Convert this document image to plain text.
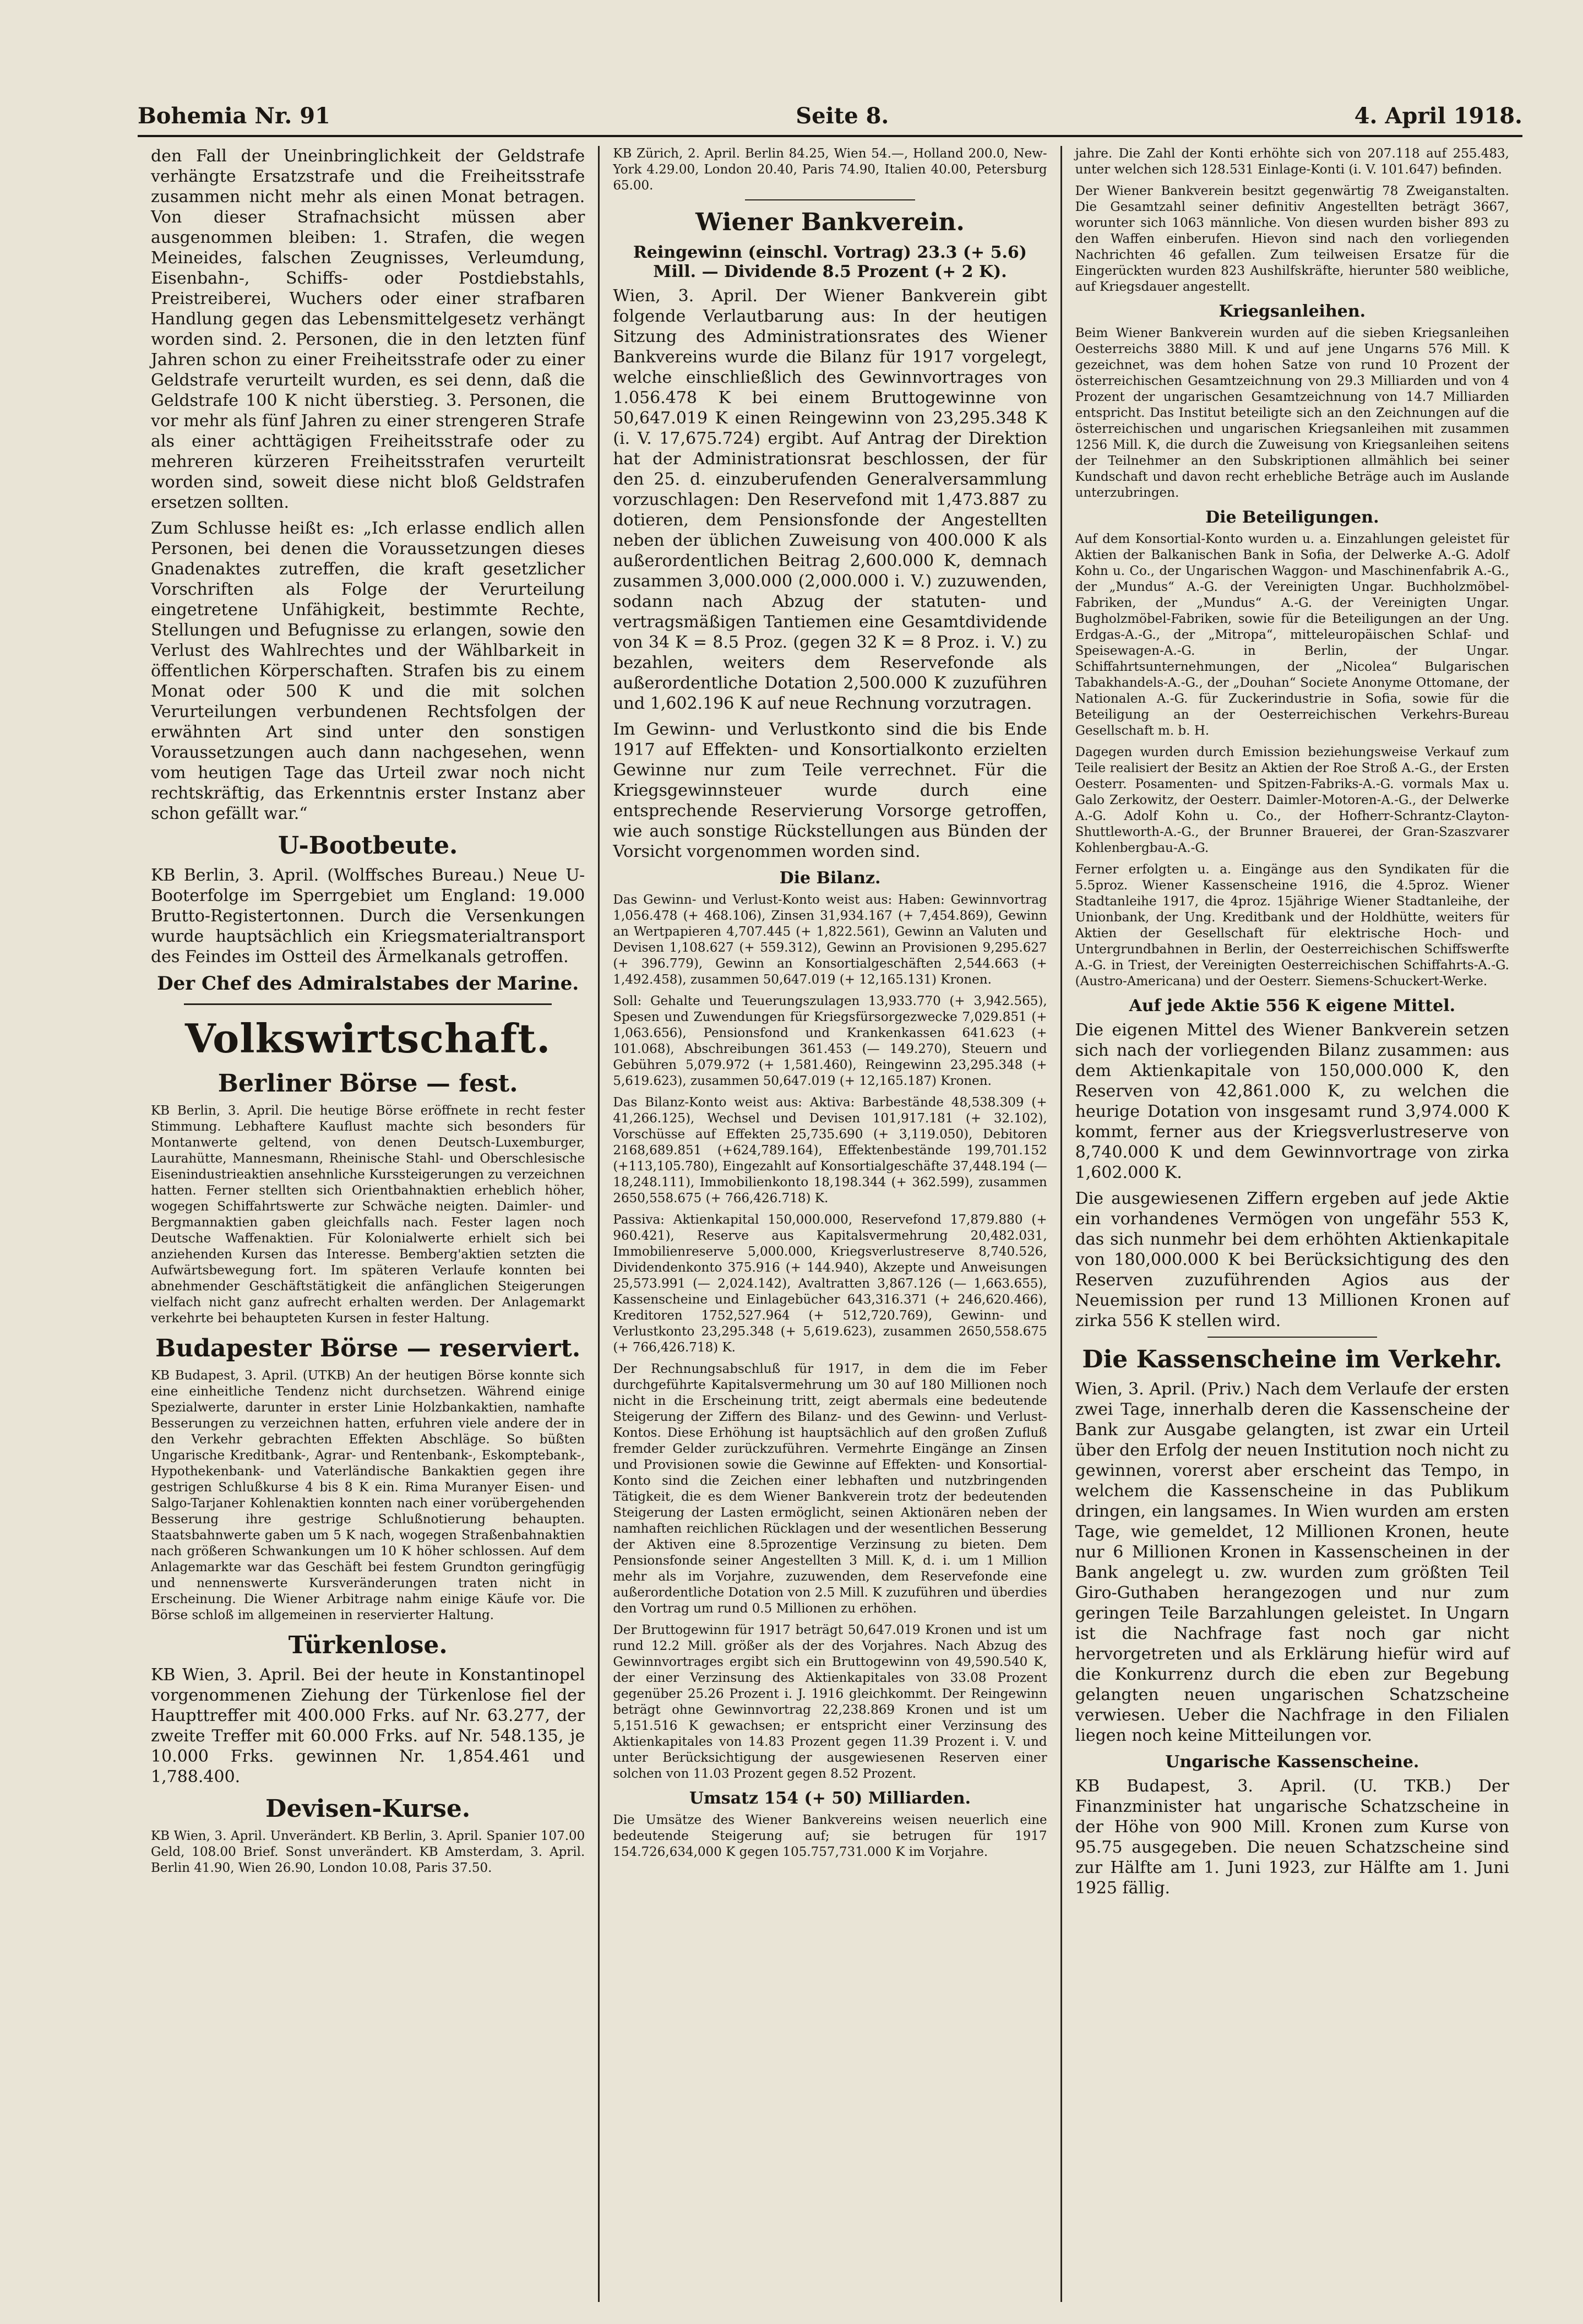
Bohemia Nr. 91	Seite 8.	4. April 1918.

den Fall der Uneinbringlichkeit der Geldstrafe verhängte Ersatzstrafe und die Freiheitsstrafe zusammen nicht mehr als einen Monat betragen. Von dieser Strafnachsicht müssen aber ausgenommen bleiben: 1. Strafen, die wegen Meineides, falschen Zeugnisses, Verleumdung, Eisenbahn-, Schiffs- oder Postdiebstahls, Preistreiberei, Wuchers oder einer strafbaren Handlung gegen das Lebensmittelgesetz verhängt worden sind. 2. Personen, die in den letzten fünf Jahren schon zu einer Freiheitsstrafe oder zu einer Geldstrafe verurteilt wurden, es sei denn, daß die Geldstrafe 100 K nicht überstieg. 3. Personen, die vor mehr als fünf Jahren zu einer strengeren Strafe als einer achttägigen Freiheitsstrafe oder zu mehreren kürzeren Freiheitsstrafen verurteilt worden sind, soweit diese nicht bloß Geldstrafen ersetzen sollten.

Zum Schlusse heißt es: „Ich erlasse endlich allen Personen, bei denen die Voraussetzungen dieses Gnadenaktes zutreffen, die kraft gesetzlicher Vorschriften als Folge der Verurteilung eingetretene Unfähigkeit, bestimmte Rechte, Stellungen und Befugnisse zu erlangen, sowie den Verlust des Wahlrechtes und der Wählbarkeit in öffentlichen Körperschaften. Strafen bis zu einem Monat oder 500 K und die mit solchen Verurteilungen verbundenen Rechtsfolgen der erwähnten Art sind unter den sonstigen Voraussetzungen auch dann nachgesehen, wenn vom heutigen Tage das Urteil zwar noch nicht rechtskräftig, das Erkenntnis erster Instanz aber schon gefällt war.“

U-Bootbeute.

KB Berlin, 3. April. (Wolffsches Bureau.) Neue U-Booterfolge im Sperrgebiet um England: 19.000 Brutto-Registertonnen. Durch die Versenkungen wurde hauptsächlich ein Kriegsmaterialtransport des Feindes im Ostteil des Ärmelkanals getroffen.

Der Chef des Admiralstabes der Marine.
Volkswirtschaft.
Berliner Börse — fest.

KB Berlin, 3. April. Die heutige Börse eröffnete in recht fester Stimmung. Lebhaftere Kauflust machte sich besonders für Montanwerte geltend, von denen Deutsch-Luxemburger, Laurahütte, Mannesmann, Rheinische Stahl- und Oberschlesische Eisenindustrieaktien ansehnliche Kurssteigerungen zu verzeichnen hatten. Ferner stellten sich Orientbahnaktien erheblich höher, wogegen Schiffahrtswerte zur Schwäche neigten. Daimler- und Bergmannaktien gaben gleichfalls nach. Fester lagen noch Deutsche Waffenaktien. Für Kolonialwerte erhielt sich bei anziehenden Kursen das Interesse. Bemberg'aktien setzten die Aufwärtsbewegung fort. Im späteren Verlaufe konnten bei abnehmender Geschäftstätigkeit die anfänglichen Steigerungen vielfach nicht ganz aufrecht erhalten werden. Der Anlagemarkt verkehrte bei behaupteten Kursen in fester Haltung.

Budapester Börse — reserviert.

KB Budapest, 3. April. (UTKB) An der heutigen Börse konnte sich eine einheitliche Tendenz nicht durchsetzen. Während einige Spezialwerte, darunter in erster Linie Holzbankaktien, namhafte Besserungen zu verzeichnen hatten, erfuhren viele andere der in den Verkehr gebrachten Effekten Abschläge. So büßten Ungarische Kreditbank-, Agrar- und Rentenbank-, Eskomptebank-, Hypothekenbank- und Vaterländische Bankaktien gegen ihre gestrigen Schlußkurse 4 bis 8 K ein. Rima Muranyer Eisen- und Salgo-Tarjaner Kohlenaktien konnten nach einer vorübergehenden Besserung ihre gestrige Schlußnotierung behaupten. Staatsbahnwerte gaben um 5 K nach, wogegen Straßenbahnaktien nach größeren Schwankungen um 10 K höher schlossen. Auf dem Anlagemarkte war das Geschäft bei festem Grundton geringfügig und nennenswerte Kursveränderungen traten nicht in Erscheinung. Die Wiener Arbitrage nahm einige Käufe vor. Die Börse schloß im allgemeinen in reservierter Haltung.

Türkenlose.

KB Wien, 3. April. Bei der heute in Konstantinopel vorgenommenen Ziehung der Türkenlose fiel der Haupttreffer mit 400.000 Frks. auf Nr. 63.277, der zweite Treffer mit 60.000 Frks. auf Nr. 548.135, je 10.000 Frks. gewinnen Nr. 1,854.461 und 1,788.400.

Devisen-Kurse.

KB Wien, 3. April. Unverändert. KB Berlin, 3. April. Spanier 107.00 Geld, 108.00 Brief. Sonst unverändert. KB Amsterdam, 3. April. Berlin 41.90, Wien 26.90, London 10.08, Paris 37.50.

KB Zürich, 2. April. Berlin 84.25, Wien 54.—, Holland 200.0, New-York 4.29.00, London 20.40, Paris 74.90, Italien 40.00, Petersburg 65.00.

Wiener Bankverein.
Reingewinn (einschl. Vortrag) 23.3 (+ 5.6) Mill. — Dividende 8.5 Prozent (+ 2 K).

Wien, 3. April. Der Wiener Bankverein gibt folgende Verlautbarung aus: In der heutigen Sitzung des Administrationsrates des Wiener Bankvereins wurde die Bilanz für 1917 vorgelegt, welche einschließlich des Gewinnvortrages von 1.056.478 K bei einem Bruttogewinne von 50,647.019 K einen Reingewinn von 23,295.348 K (i. V. 17,675.724) ergibt. Auf Antrag der Direktion hat der Administrationsrat beschlossen, der für den 25. d. einzuberufenden Generalversammlung vorzuschlagen: Den Reservefond mit 1,473.887 zu dotieren, dem Pensionsfonde der Angestellten neben der üblichen Zuweisung von 400.000 K als außerordentlichen Beitrag 2,600.000 K, demnach zusammen 3,000.000 (2,000.000 i. V.) zuzuwenden, sodann nach Abzug der statuten- und vertragsmäßigen Tantiemen eine Gesamtdividende von 34 K = 8.5 Proz. (gegen 32 K = 8 Proz. i. V.) zu bezahlen, weiters dem Reservefonde als außerordentliche Dotation 2,500.000 K zuzuführen und 1,602.196 K auf neue Rechnung vorzutragen.

Im Gewinn- und Verlustkonto sind die bis Ende 1917 auf Effekten- und Konsortialkonto erzielten Gewinne nur zum Teile verrechnet. Für die Kriegsgewinnsteuer wurde durch eine entsprechende Reservierung Vorsorge getroffen, wie auch sonstige Rückstellungen aus Bünden der Vorsicht vorgenommen worden sind.

Die Bilanz.

Das Gewinn- und Verlust-Konto weist aus: Haben: Gewinnvortrag 1,056.478 (+ 468.106), Zinsen 31,934.167 (+ 7,454.869), Gewinn an Wertpapieren 4,707.445 (+ 1,822.561), Gewinn an Valuten und Devisen 1,108.627 (+ 559.312), Gewinn an Provisionen 9,295.627 (+ 396.779), Gewinn an Konsortialgeschäften 2,544.663 (+ 1,492.458), zusammen 50,647.019 (+ 12,165.131) Kronen.

Soll: Gehalte und Teuerungszulagen 13,933.770 (+ 3,942.565), Spesen und Zuwendungen für Kriegsfürsorgezwecke 7,029.851 (+ 1,063.656), Pensionsfond und Krankenkassen 641.623 (+ 101.068), Abschreibungen 361.453 (— 149.270), Steuern und Gebühren 5,079.972 (+ 1,581.460), Reingewinn 23,295.348 (+ 5,619.623), zusammen 50,647.019 (+ 12,165.187) Kronen.

Das Bilanz-Konto weist aus: Aktiva: Barbestände 48,538.309 (+ 41,266.125), Wechsel und Devisen 101,917.181 (+ 32.102), Vorschüsse auf Effekten 25,735.690 (+ 3,119.050), Debitoren 2168,689.851 (+624,789.164), Effektenbestände 199,701.152 (+113,105.780), Eingezahlt auf Konsortialgeschäfte 37,448.194 (— 18,248.111), Immobilienkonto 18,198.344 (+ 362.599), zusammen 2650,558.675 (+ 766,426.718) K.

Passiva: Aktienkapital 150,000.000, Reservefond 17,879.880 (+ 960.421), Reserve aus Kapitalsvermehrung 20,482.031, Immobilienreserve 5,000.000, Kriegsverlustreserve 8,740.526, Dividendenkonto 375.916 (+ 144.940), Akzepte und Anweisungen 25,573.991 (— 2,024.142), Avaltratten 3,867.126 (— 1,663.655), Kassenscheine und Einlagebücher 643,316.371 (+ 246,620.466), Kreditoren 1752,527.964 (+ 512,720.769), Gewinn- und Verlustkonto 23,295.348 (+ 5,619.623), zusammen 2650,558.675 (+ 766,426.718) K.

Der Rechnungsabschluß für 1917, in dem die im Feber durchgeführte Kapitalsvermehrung um 30 auf 180 Millionen noch nicht in die Erscheinung tritt, zeigt abermals eine bedeutende Steigerung der Ziffern des Bilanz- und des Gewinn- und Verlust-Kontos. Diese Erhöhung ist hauptsächlich auf den großen Zufluß fremder Gelder zurückzuführen. Vermehrte Eingänge an Zinsen und Provisionen sowie die Gewinne auf Effekten- und Konsortial-Konto sind die Zeichen einer lebhaften und nutzbringenden Tätigkeit, die es dem Wiener Bankverein trotz der bedeutenden Steigerung der Lasten ermöglicht, seinen Aktionären neben der namhaften reichlichen Rücklagen und der wesentlichen Besserung der Aktiven eine 8.5prozentige Verzinsung zu bieten. Dem Pensionsfonde seiner Angestellten 3 Mill. K, d. i. um 1 Million mehr als im Vorjahre, zuzuwenden, dem Reservefonde eine außerordentliche Dotation von 2.5 Mill. K zuzuführen und überdies den Vortrag um rund 0.5 Millionen zu erhöhen.

Der Bruttogewinn für 1917 beträgt 50,647.019 Kronen und ist um rund 12.2 Mill. größer als der des Vorjahres. Nach Abzug des Gewinnvortrages ergibt sich ein Bruttogewinn von 49,590.540 K, der einer Verzinsung des Aktienkapitales von 33.08 Prozent gegenüber 25.26 Prozent i. J. 1916 gleichkommt. Der Reingewinn beträgt ohne Gewinnvortrag 22,238.869 Kronen und ist um 5,151.516 K gewachsen; er entspricht einer Verzinsung des Aktienkapitales von 14.83 Prozent gegen 11.39 Prozent i. V. und unter Berücksichtigung der ausgewiesenen Reserven einer solchen von 11.03 Prozent gegen 8.52 Prozent.

Umsatz 154 (+ 50) Milliarden.

Die Umsätze des Wiener Bankvereins weisen neuerlich eine bedeutende Steigerung auf; sie betrugen für 1917 154.726,634,000 K gegen 105.757,731.000 K im Vorjahre.

jahre. Die Zahl der Konti erhöhte sich von 207.118 auf 255.483, unter welchen sich 128.531 Einlage-Konti (i. V. 101.647) befinden.

Der Wiener Bankverein besitzt gegenwärtig 78 Zweiganstalten. Die Gesamtzahl seiner definitiv Angestellten beträgt 3667, worunter sich 1063 männliche. Von diesen wurden bisher 893 zu den Waffen einberufen. Hievon sind nach den vorliegenden Nachrichten 46 gefallen. Zum teilweisen Ersatze für die Eingerückten wurden 823 Aushilfskräfte, hierunter 580 weibliche, auf Kriegsdauer angestellt.

Kriegsanleihen.

Beim Wiener Bankverein wurden auf die sieben Kriegsanleihen Oesterreichs 3880 Mill. K und auf jene Ungarns 576 Mill. K gezeichnet, was dem hohen Satze von rund 10 Prozent der österreichischen Gesamtzeichnung von 29.3 Milliarden und von 4 Prozent der ungarischen Gesamtzeichnung von 14.7 Milliarden entspricht. Das Institut beteiligte sich an den Zeichnungen auf die österreichischen und ungarischen Kriegsanleihen mit zusammen 1256 Mill. K, die durch die Zuweisung von Kriegsanleihen seitens der Teilnehmer an den Subskriptionen allmählich bei seiner Kundschaft und davon recht erhebliche Beträge auch im Auslande unterzubringen.

Die Beteiligungen.

Auf dem Konsortial-Konto wurden u. a. Einzahlungen geleistet für Aktien der Balkanischen Bank in Sofia, der Delwerke A.-G. Adolf Kohn u. Co., der Ungarischen Waggon- und Maschinenfabrik A.-G., der „Mundus“ A.-G. der Vereinigten Ungar. Buchholzmöbel-Fabriken, der „Mundus“ A.-G. der Vereinigten Ungar. Bugholzmöbel-Fabriken, sowie für die Beteiligungen an der Ung. Erdgas-A.-G., der „Mitropa“, mitteleuropäischen Schlaf- und Speisewagen-A.-G. in Berlin, der Ungar. Schiffahrtsunternehmungen, der „Nicolea“ Bulgarischen Tabakhandels-A.-G., der „Douhan“ Societe Anonyme Ottomane, der Nationalen A.-G. für Zuckerindustrie in Sofia, sowie für die Beteiligung an der Oesterreichischen Verkehrs-Bureau Gesellschaft m. b. H.

Dagegen wurden durch Emission beziehungsweise Verkauf zum Teile realisiert der Besitz an Aktien der Roe Stroß A.-G., der Ersten Oesterr. Posamenten- und Spitzen-Fabriks-A.-G. vormals Max u. Galo Zerkowitz, der Oesterr. Daimler-Motoren-A.-G., der Delwerke A.-G. Adolf Kohn u. Co., der Hofherr-Schrantz-Clayton-Shuttleworth-A.-G., der Brunner Brauerei, der Gran-Szaszvarer Kohlenbergbau-A.-G.

Ferner erfolgten u. a. Eingänge aus den Syndikaten für die 5.5proz. Wiener Kassenscheine 1916, die 4.5proz. Wiener Stadtanleihe 1917, die 4proz. 15jährige Wiener Stadtanleihe, der Unionbank, der Ung. Kreditbank und der Holdhütte, weiters für Aktien der Gesellschaft für elektrische Hoch- und Untergrundbahnen in Berlin, der Oesterreichischen Schiffswerfte A.-G. in Triest, der Vereinigten Oesterreichischen Schiffahrts-A.-G. (Austro-Americana) und der Oesterr. Siemens-Schuckert-Werke.

Auf jede Aktie 556 K eigene Mittel.

Die eigenen Mittel des Wiener Bankverein setzen sich nach der vorliegenden Bilanz zusammen: aus dem Aktienkapitale von 150,000.000 K, den Reserven von 42,861.000 K, zu welchen die heurige Dotation von insgesamt rund 3,974.000 K kommt, ferner aus der Kriegsverlustreserve von 8,740.000 K und dem Gewinnvortrage von zirka 1,602.000 K.

Die ausgewiesenen Ziffern ergeben auf jede Aktie ein vorhandenes Vermögen von ungefähr 553 K, das sich nunmehr bei dem erhöhten Aktienkapitale von 180,000.000 K bei Berücksichtigung des den Reserven zuzuführenden Agios aus der Neuemission per rund 13 Millionen Kronen auf zirka 556 K stellen wird.

Die Kassenscheine im Verkehr.

Wien, 3. April. (Priv.) Nach dem Verlaufe der ersten zwei Tage, innerhalb deren die Kassenscheine der Bank zur Ausgabe gelangten, ist zwar ein Urteil über den Erfolg der neuen Institution noch nicht zu gewinnen, vorerst aber erscheint das Tempo, in welchem die Kassenscheine in das Publikum dringen, ein langsames. In Wien wurden am ersten Tage, wie gemeldet, 12 Millionen Kronen, heute nur 6 Millionen Kronen in Kassenscheinen in der Bank angelegt u. zw. wurden zum größten Teil Giro-Guthaben herangezogen und nur zum geringen Teile Barzahlungen geleistet. In Ungarn ist die Nachfrage fast noch gar nicht hervorgetreten und als Erklärung hiefür wird auf die Konkurrenz durch die eben zur Begebung gelangten neuen ungarischen Schatzscheine verwiesen. Ueber die Nachfrage in den Filialen liegen noch keine Mitteilungen vor.

Ungarische Kassenscheine.

KB Budapest, 3. April. (U. TKB.) Der Finanzminister hat ungarische Schatzscheine in der Höhe von 900 Mill. Kronen zum Kurse von 95.75 ausgegeben. Die neuen Schatzscheine sind zur Hälfte am 1. Juni 1923, zur Hälfte am 1. Juni 1925 fällig.
